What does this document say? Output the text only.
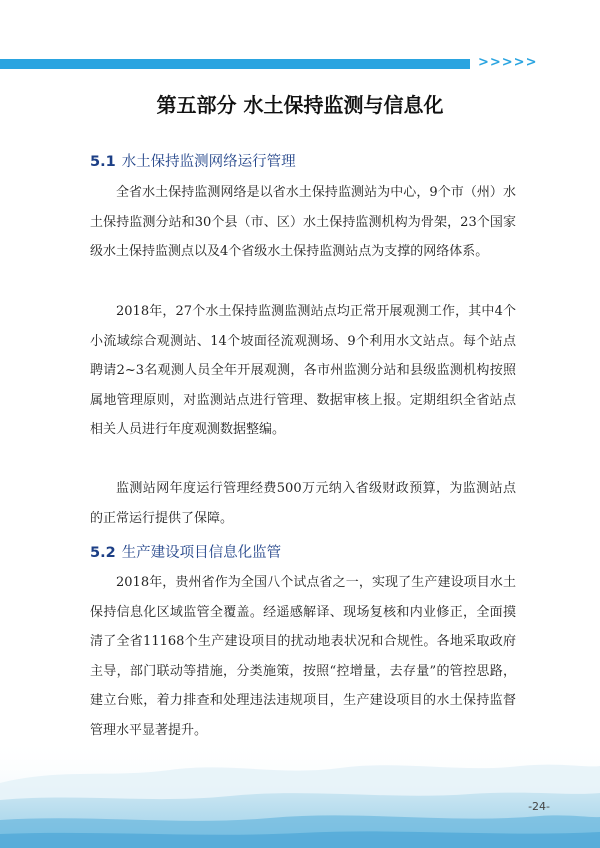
>>>>>
第五部分 水土保持监测与信息化
5.1 水土保持监测网络运行管理

全省水土保持监测网络是以省水土保持监测站为中心，9个市（州）水土保持监测分站和30个县（市、区）水土保持监测机构为骨架，23个国家级水土保持监测点以及4个省级水土保持监测站点为支撑的网络体系。

2018年，27个水土保持监测监测站点均正常开展观测工作，其中4个小流域综合观测站、14个坡面径流观测场、9个利用水文站点。每个站点聘请2~3名观测人员全年开展观测，各市州监测分站和县级监测机构按照属地管理原则，对监测站点进行管理、数据审核上报。定期组织全省站点相关人员进行年度观测数据整编。

监测站网年度运行管理经费500万元纳入省级财政预算，为监测站点的正常运行提供了保障。

5.2 生产建设项目信息化监管

2018年，贵州省作为全国八个试点省之一，实现了生产建设项目水土保持信息化区域监管全覆盖。经遥感解译、现场复核和内业修正，全面摸清了全省11168个生产建设项目的扰动地表状况和合规性。各地采取政府主导，部门联动等措施，分类施策，按照“控增量，去存量”的管控思路，建立台账，着力排查和处理违法违规项目，生产建设项目的水土保持监督管理水平显著提升。

-24-
